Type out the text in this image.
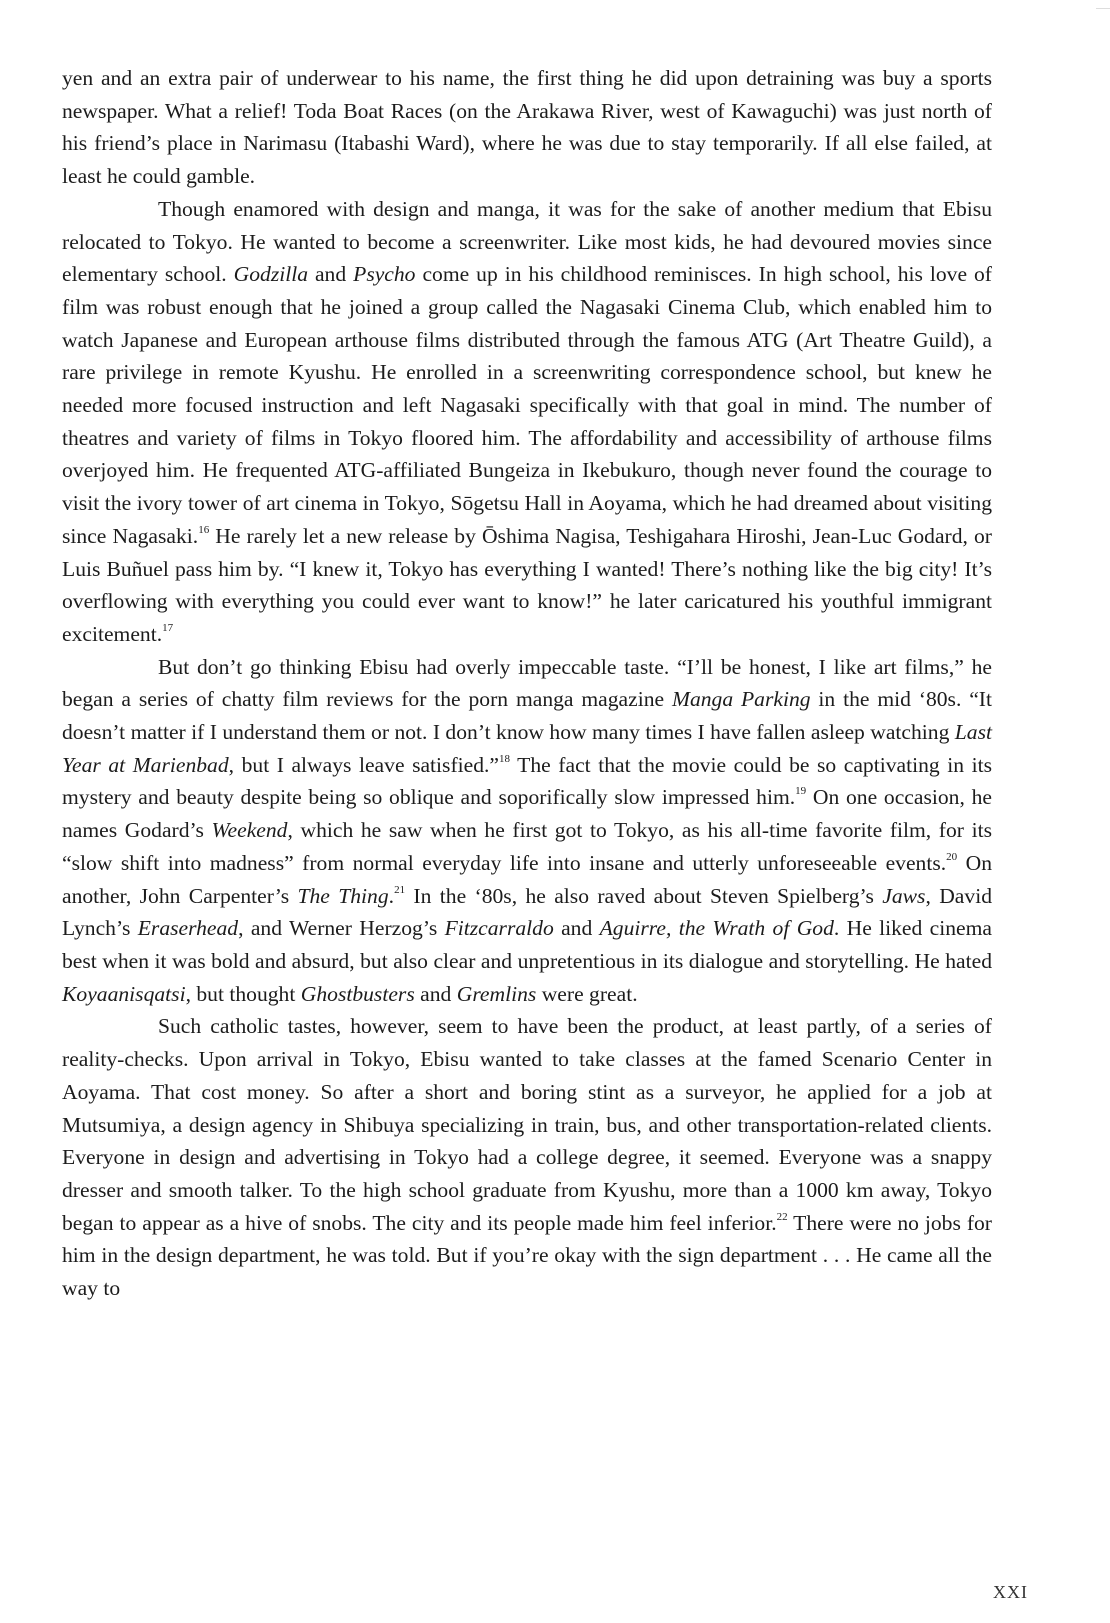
yen and an extra pair of underwear to his name, the first thing he did upon detraining was buy a sports newspaper. What a relief! Toda Boat Races (on the Arakawa River, west of Kawaguchi) was just north of his friend’s place in Narimasu (Itabashi Ward), where he was due to stay temporarily. If all else failed, at least he could gamble.

Though enamored with design and manga, it was for the sake of another medium that Ebisu relocated to Tokyo. He wanted to become a screenwriter. Like most kids, he had devoured movies since elementary school. Godzilla and Psycho come up in his childhood reminisces. In high school, his love of film was robust enough that he joined a group called the Nagasaki Cinema Club, which enabled him to watch Japanese and European arthouse films distributed through the famous ATG (Art Theatre Guild), a rare privilege in remote Kyushu. He enrolled in a screenwriting correspondence school, but knew he needed more focused instruction and left Nagasaki specifically with that goal in mind. The number of theatres and variety of films in Tokyo floored him. The affordability and accessibility of arthouse films overjoyed him. He frequented ATG-affiliated Bungeiza in Ikebukuro, though never found the courage to visit the ivory tower of art cinema in Tokyo, Sōgetsu Hall in Aoyama, which he had dreamed about visiting since Nagasaki.$^{16}$ He rarely let a new release by Ōshima Nagisa, Teshigahara Hiroshi, Jean-Luc Godard, or Luis Buñuel pass him by. “I knew it, Tokyo has everything I wanted! There’s nothing like the big city! It’s overflowing with everything you could ever want to know!” he later caricatured his youthful immigrant excitement.$^{17}$

But don’t go thinking Ebisu had overly impeccable taste. “I’ll be honest, I like art films,” he began a series of chatty film reviews for the porn manga magazine Manga Parking in the mid ‘80s. “It doesn’t matter if I understand them or not. I don’t know how many times I have fallen asleep watching Last Year at Marienbad, but I always leave satisfied.”$^{18}$ The fact that the movie could be so captivating in its mystery and beauty despite being so oblique and soporifically slow impressed him.$^{19}$ On one occasion, he names Godard’s Weekend, which he saw when he first got to Tokyo, as his all-time favorite film, for its “slow shift into madness” from normal everyday life into insane and utterly unforeseeable events.$^{20}$ On another, John Carpenter’s The Thing.$^{21}$ In the ‘80s, he also raved about Steven Spielberg’s Jaws, David Lynch’s Eraserhead, and Werner Herzog’s Fitzcarraldo and Aguirre, the Wrath of God. He liked cinema best when it was bold and absurd, but also clear and unpretentious in its dialogue and storytelling. He hated Koyaanisqatsi, but thought Ghostbusters and Gremlins were great.

Such catholic tastes, however, seem to have been the product, at least partly, of a series of reality-checks. Upon arrival in Tokyo, Ebisu wanted to take classes at the famed Scenario Center in Aoyama. That cost money. So after a short and boring stint as a surveyor, he applied for a job at Mutsumiya, a design agency in Shibuya specializing in train, bus, and other transportation-related clients. Everyone in design and advertising in Tokyo had a college degree, it seemed. Everyone was a snappy dresser and smooth talker. To the high school graduate from Kyushu, more than a 1000 km away, Tokyo began to appear as a hive of snobs. The city and its people made him feel inferior.$^{22}$ There were no jobs for him in the design department, he was told. But if you’re okay with the sign department . . . He came all the way to

XXI
